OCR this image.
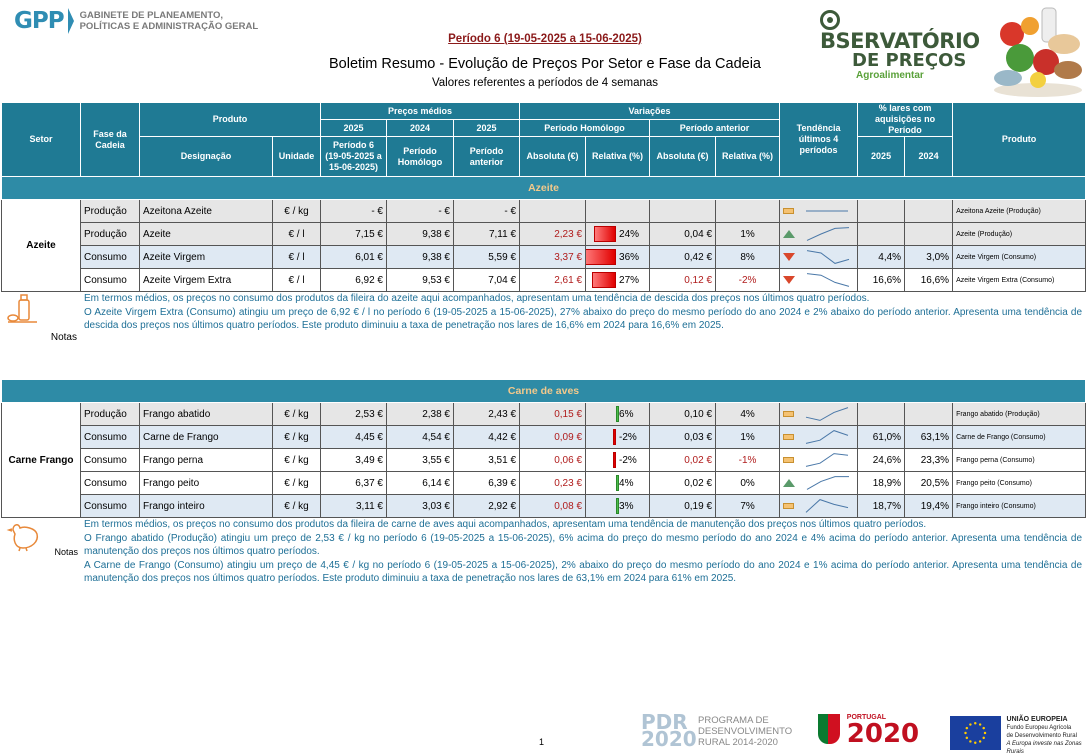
GPP GABINETE DE PLANEAMENTO,
POLÍTICAS E ADMINISTRAÇÃO GERAL
Período 6 (19-05-2025 a 15-06-2025)
Boletim Resumo - Evolução de Preços Por Setor e Fase da Cadeia
Valores referentes a períodos de 4 semanas
BSERVATÓRIO
DE PREÇOS
Agroalimentar
Setor	Fase da Cadeia	Produto		Preços médios			Variações				Tendência últimos 4 períodos	% lares com aquisições no Período		Produto
				2025	2024	2025	Período Homólogo		Período anterior					
		Designação	Unidade	Período 6 (19-05-2025 a 15-06-2025)	Período Homólogo	Período anterior	Absoluta (€)	Relativa (%)	Absoluta (€)	Relativa (%)		2025	2024	
Azeite														
Azeite	Produção	Azeitona Azeite	€ / kg	- €	- €	- €								Azeitona Azeite (Produção)
	Produção	Azeite	€ / l	7,15 €	9,38 €	7,11 €	2,23 €	24%	0,04 €	1%				Azeite (Produção)
	Consumo	Azeite Virgem	€ / l	6,01 €	9,38 €	5,59 €	3,37 €	36%	0,42 €	8%		4,4%	3,0%	Azeite Virgem (Consumo)
	Consumo	Azeite Virgem Extra	€ / l	6,92 €	9,53 €	7,04 €	2,61 €	27%	0,12 €	-2%		16,6%	16,6%	Azeite Virgem Extra (Consumo)

Notas	Em termos médios, os preços no consumo dos produtos da fileira do azeite aqui acompanhados, apresentam uma tendência de descida dos preços nos últimos quatro períodos.
O Azeite Virgem Extra (Consumo) atingiu um preço de 6,92 € / l no período 6 (19-05-2025 a 15-06-2025), 27% abaixo do preço do mesmo período do ano 2024 e 2% abaixo do período anterior. Apresenta uma tendência de descida dos preços nos últimos quatro períodos. Este produto diminuiu a taxa de penetração nos lares de 16,6% em 2024 para 16,6% em 2025.													

Carne de aves														
Carne Frango	Produção	Frango abatido	€ / kg	2,53 €	2,38 €	2,43 €	0,15 €	6%	0,10 €	4%				Frango abatido (Produção)
	Consumo	Carne de Frango	€ / kg	4,45 €	4,54 €	4,42 €	0,09 €	-2%	0,03 €	1%		61,0%	63,1%	Carne de Frango (Consumo)
	Consumo	Frango perna	€ / kg	3,49 €	3,55 €	3,51 €	0,06 €	-2%	0,02 €	-1%		24,6%	23,3%	Frango perna (Consumo)
	Consumo	Frango peito	€ / kg	6,37 €	6,14 €	6,39 €	0,23 €	4%	0,02 €	0%		18,9%	20,5%	Frango peito (Consumo)
	Consumo	Frango inteiro	€ / kg	3,11 €	3,03 €	2,92 €	0,08 €	3%	0,19 €	7%		18,7%	19,4%	Frango inteiro (Consumo)

Notas	Em termos médios, os preços no consumo dos produtos da fileira de carne de aves aqui acompanhados, apresentam uma tendência de manutenção dos preços nos últimos quatro períodos.
O Frango abatido (Produção) atingiu um preço de 2,53 € / kg no período 6 (19-05-2025 a 15-06-2025), 6% acima do preço do mesmo período do ano 2024 e 4% acima do período anterior. Apresenta uma tendência de manutenção dos preços nos últimos quatro períodos.
A Carne de Frango (Consumo) atingiu um preço de 4,45 € / kg no período 6 (19-05-2025 a 15-06-2025), 2% abaixo do preço do mesmo período do ano 2024 e 1% acima do período anterior. Apresenta uma tendência de manutenção dos preços nos últimos quatro períodos. Este produto diminuiu a taxa de penetração nos lares de 63,1% em 2024 para 61% em 2025.													
1
PDR 2020
PROGRAMA DE
DESENVOLVIMENTO
RURAL 2014-2020

PORTUGAL
2020	UNIÃO EUROPEIA
Fundo Europeu Agrícola
de Desenvolvimento Rural
A Europa investe nas Zonas Rurais
